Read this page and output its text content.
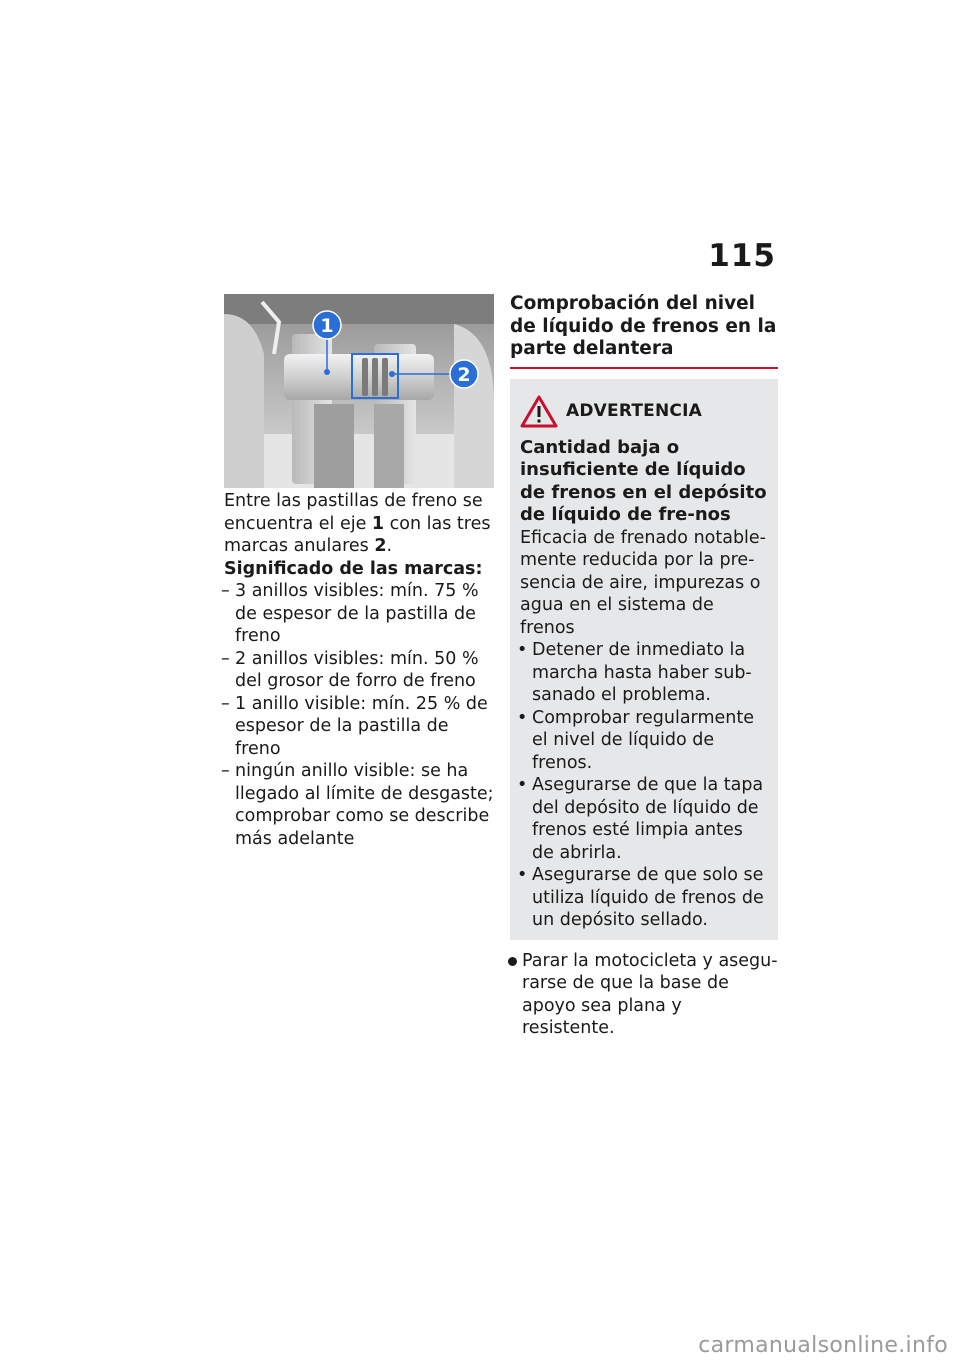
115
1
2

Entre las pastillas de freno se encuentra el eje 1 con las tres marcas anulares 2.

Significado de las marcas:
– 3 anillos visibles: mín. 75 % de espesor de la pastilla de freno
– 2 anillos visibles: mín. 50 % del grosor de forro de freno
– 1 anillo visible: mín. 25 % de espesor de la pastilla de freno
– ningún anillo visible: se ha llegado al límite de desgaste; comprobar como se describe más adelante
Comprobación del nivel de líquido de frenos en la parte delantera
ADVERTENCIA

Cantidad baja o insuficiente de líquido de frenos en el depósito de líquido de fre-nos

Eficacia de frenado notable-mente reducida por la pre-sencia de aire, impurezas o agua en el sistema de frenos

• Detener de inmediato la marcha hasta haber sub-sanado el problema.
• Comprobar regularmente el nivel de líquido de frenos.
• Asegurarse de que la tapa del depósito de líquido de frenos esté limpia antes de abrirla.
• Asegurarse de que solo se utiliza líquido de frenos de un depósito sellado.
Parar la motocicleta y asegu-rarse de que la base de apoyo sea plana y resistente.
carmanualsonline.info
